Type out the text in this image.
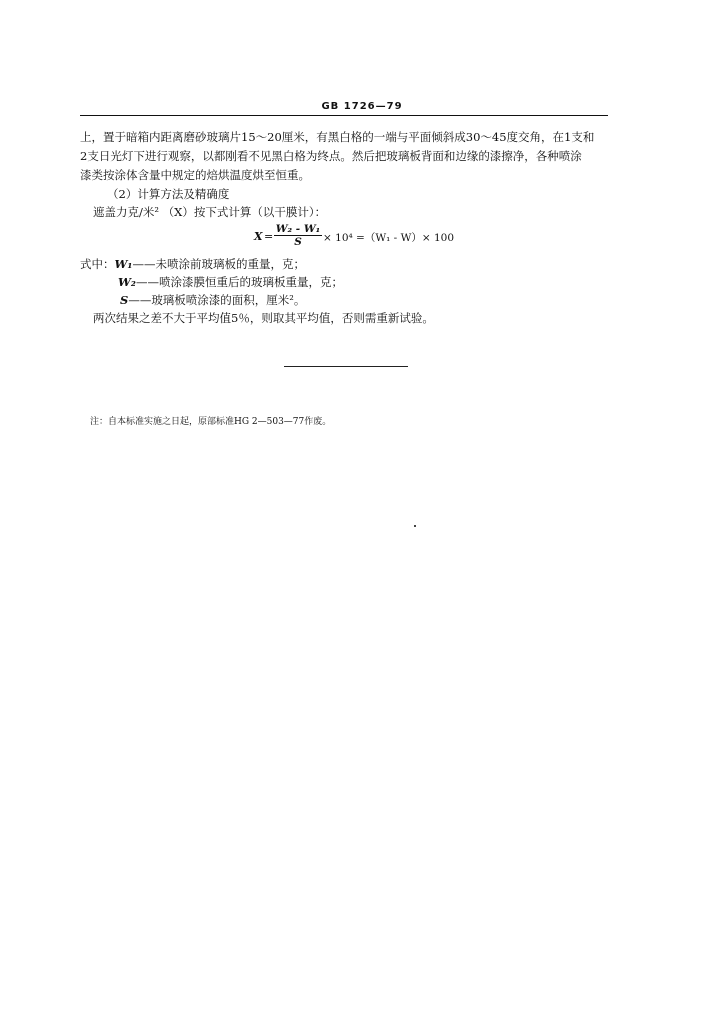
GB 1726—79
上，置于暗箱内距离磨砂玻璃片15～20厘米，有黑白格的一端与平面倾斜成30～45度交角，在1支和
2支日光灯下进行观察，以都刚看不见黑白格为终点。然后把玻璃板背面和边缘的漆擦净，各种喷涂
漆类按涂体含量中规定的焙烘温度烘至恒重。
（2）计算方法及精确度
遮盖力克/米² （X）按下式计算（以干膜计）：
$X = \frac{\text{W₂ - W₁}}{S} \times 10^4 =(W_1 - W)\times 100$
式中：W₁——未喷涂前玻璃板的重量，克；
W₂——喷涂漆膜恒重后的玻璃板重量，克；
S——玻璃板喷涂漆的面积，厘米²。
两次结果之差不大于平均值5％，则取其平均值，否则需重新试验。
注：自本标准实施之日起，原部标准HG 2—503—77作废。
